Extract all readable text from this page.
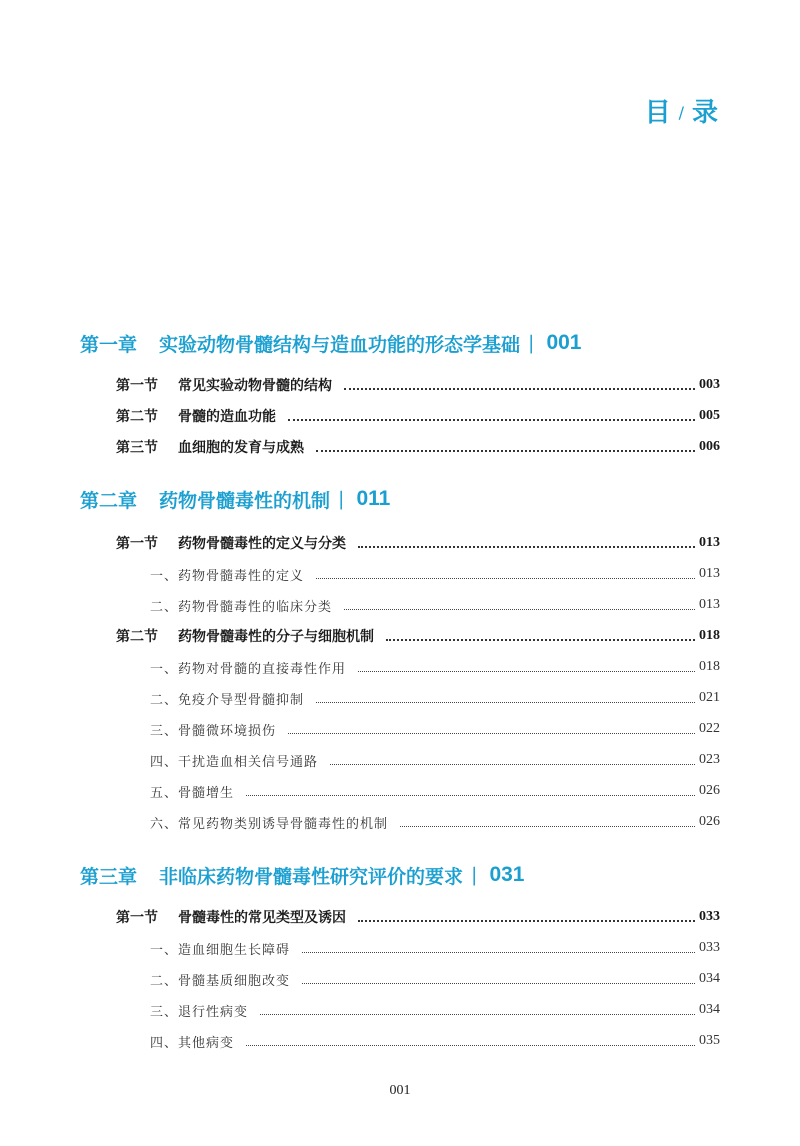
目 / 录
第一章 实验动物骨髓结构与造血功能的形态学基础 | 001
第一节 常见实验动物骨髓的结构	003
第二节 骨髓的造血功能	005
第三节 血细胞的发育与成熟	006
第二章 药物骨髓毒性的机制 | 011
第一节 药物骨髓毒性的定义与分类	013
一、药物骨髓毒性的定义	013
二、药物骨髓毒性的临床分类	013
第二节 药物骨髓毒性的分子与细胞机制	018
一、药物对骨髓的直接毒性作用	018
二、免疫介导型骨髓抑制	021
三、骨髓微环境损伤	022
四、干扰造血相关信号通路	023
五、骨髓增生	026
六、常见药物类别诱导骨髓毒性的机制	026
第三章 非临床药物骨髓毒性研究评价的要求 | 031
第一节 骨髓毒性的常见类型及诱因	033
一、造血细胞生长障碍	033
二、骨髓基质细胞改变	034
三、退行性病变	034
四、其他病变	035
001
